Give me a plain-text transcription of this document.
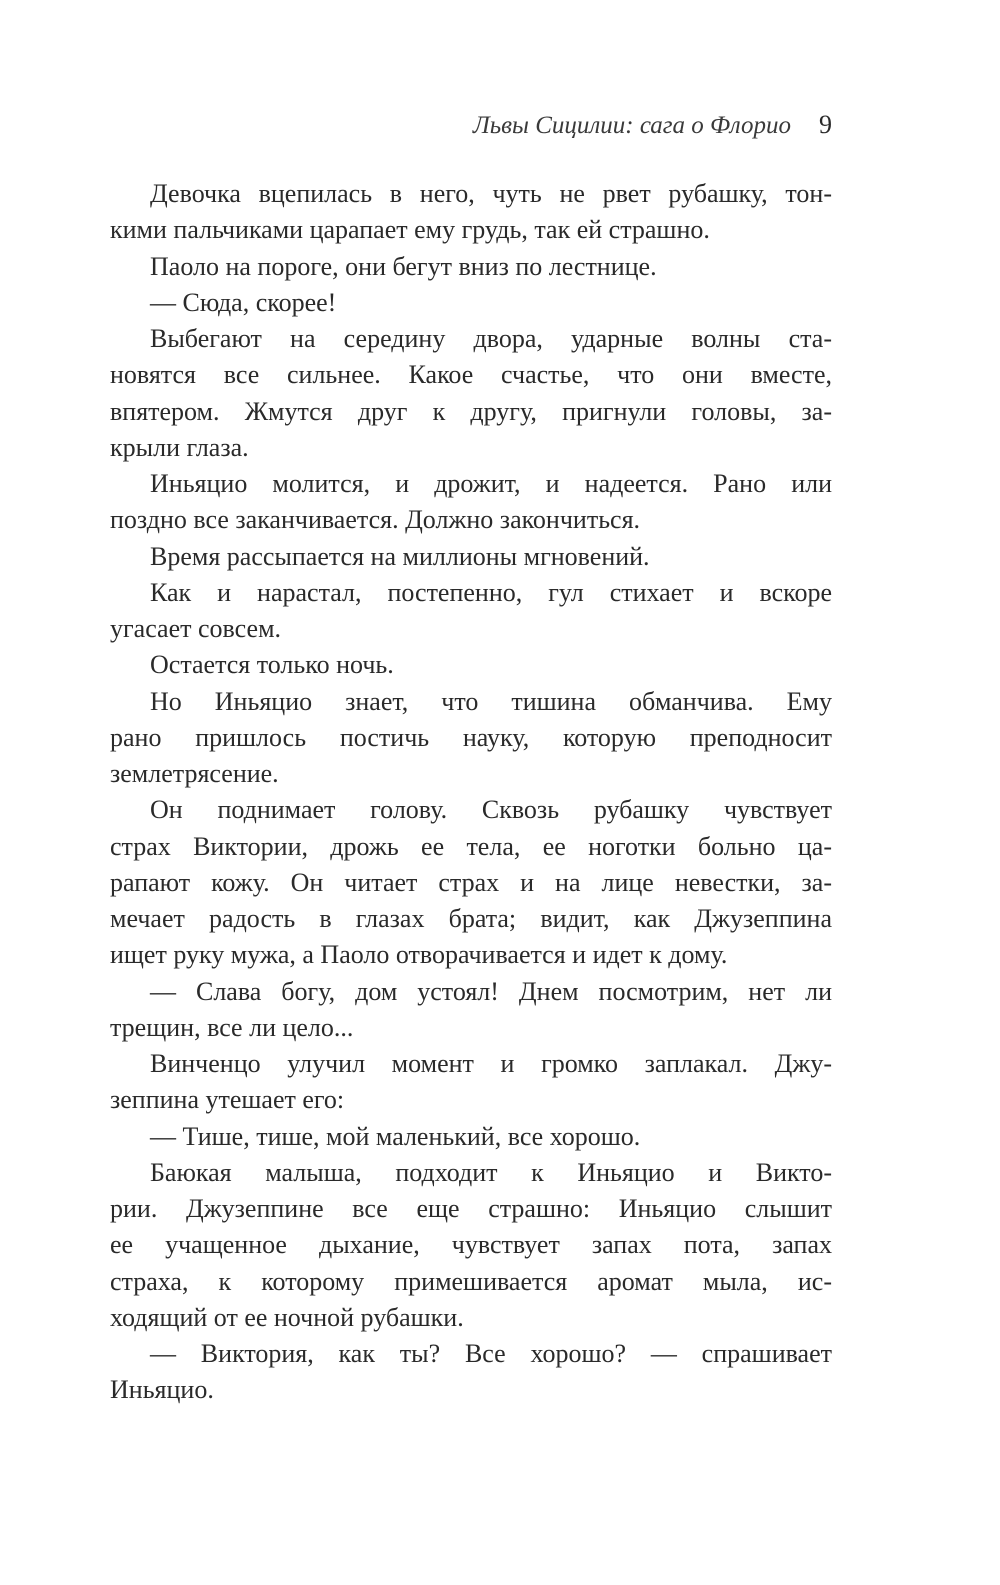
Львы Сицилии: сага о Флорио 9
Девочка вцепилась в него, чуть не рвет рубашку, тон-
кими пальчиками царапает ему грудь, так ей страшно.
Паоло на пороге, они бегут вниз по лестнице.
— Сюда, скорее!
Выбегают на середину двора, ударные волны ста-
новятся все сильнее. Какое счастье, что они вместе,
впятером. Жмутся друг к другу, пригнули головы, за-
крыли глаза.
Иньяцио молится, и дрожит, и надеется. Рано или
поздно все заканчивается. Должно закончиться.
Время рассыпается на миллионы мгновений.
Как и нарастал, постепенно, гул стихает и вскоре
угасает совсем.
Остается только ночь.
Но Иньяцио знает, что тишина обманчива. Ему
рано пришлось постичь науку, которую преподносит
землетрясение.
Он поднимает голову. Сквозь рубашку чувствует
страх Виктории, дрожь ее тела, ее ноготки больно ца-
рапают кожу. Он читает страх и на лице невестки, за-
мечает радость в глазах брата; видит, как Джузеппина
ищет руку мужа, а Паоло отворачивается и идет к дому.
— Слава богу, дом устоял! Днем посмотрим, нет ли
трещин, все ли цело...
Винченцо улучил момент и громко заплакал. Джу-
зеппина утешает его:
— Тише, тише, мой маленький, все хорошо.
Баюкая малыша, подходит к Иньяцио и Викто-
рии. Джузеппине все еще страшно: Иньяцио слышит
ее учащенное дыхание, чувствует запах пота, запах
страха, к которому примешивается аромат мыла, ис-
ходящий от ее ночной рубашки.
— Виктория, как ты? Все хорошо? — спрашивает
Иньяцио.
